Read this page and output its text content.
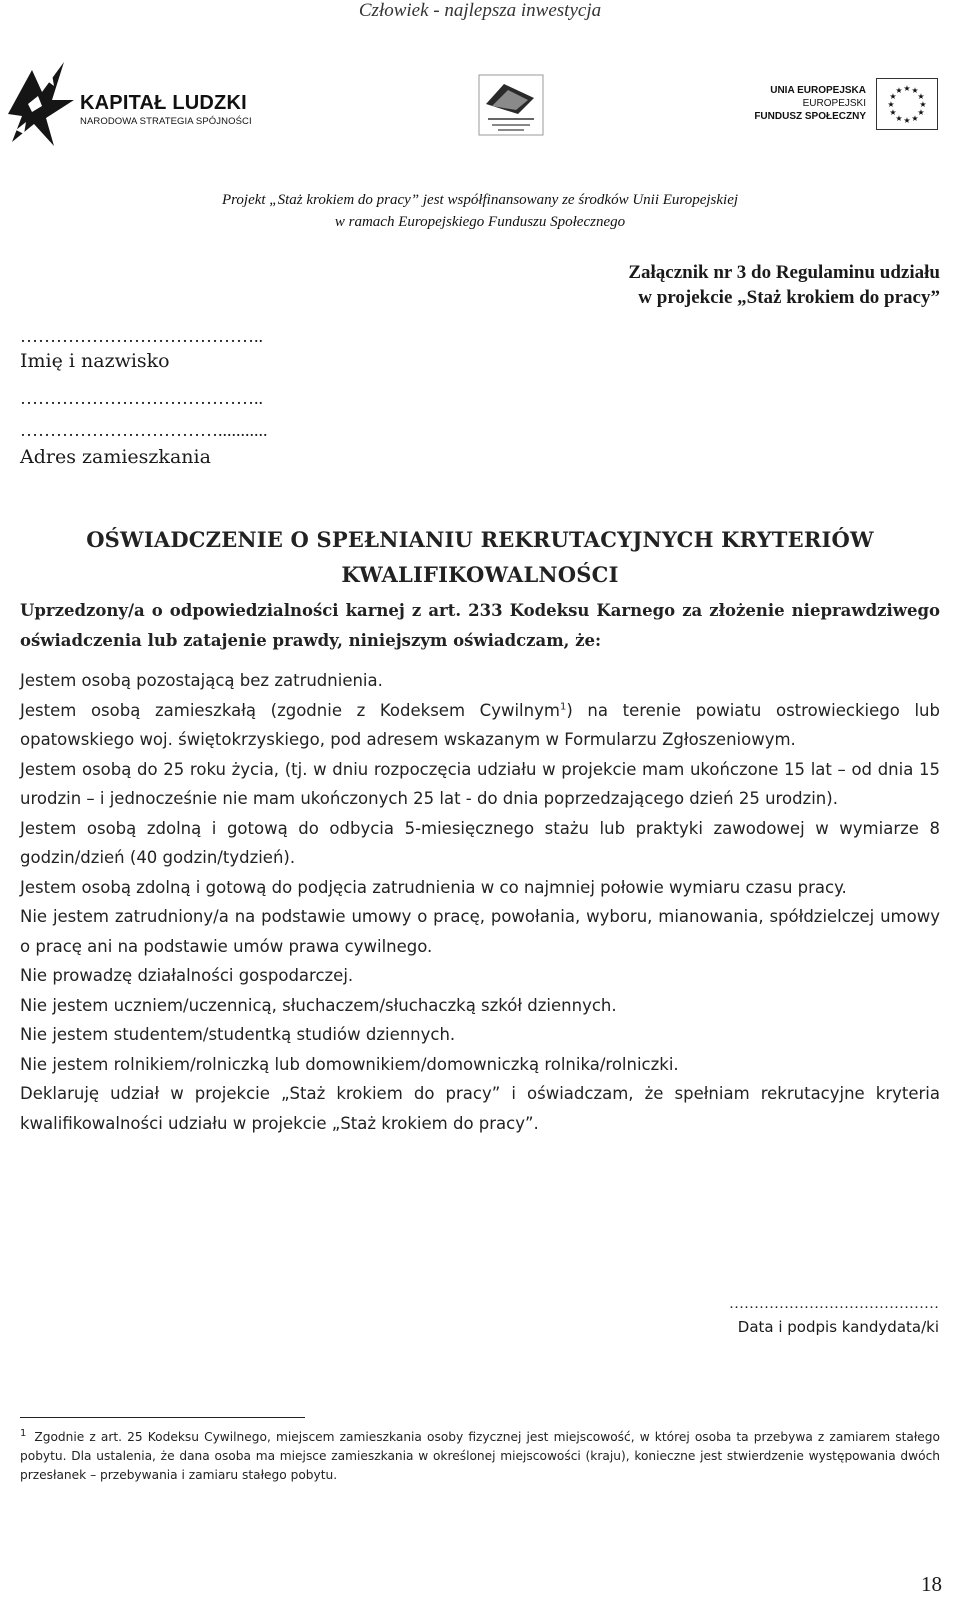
Człowiek - najlepsza inwestycja
KAPITAŁ LUDZKI
NARODOWA STRATEGIA SPÓJNOŚCI
UNIA EUROPEJSKA
EUROPEJSKI
FUNDUSZ SPOŁECZNY
★ ★
★
★
★
★
★
★
★
★
★
★
Projekt „Staż krokiem do pracy” jest współfinansowany ze środków Unii Europejskiej
w ramach Europejskiego Funduszu Społecznego
Załącznik nr 3 do Regulaminu udziału
w projekcie „Staż krokiem do pracy”
…………………………………..
Imię i nazwisko
…………………………………..
……………………………...........
Adres zamieszkania
OŚWIADCZENIE O SPEŁNIANIU REKRUTACYJNYCH KRYTERIÓW
KWALIFIKOWALNOŚCI
Uprzedzony/a o odpowiedzialności karnej z art. 233 Kodeksu Karnego za złożenie nieprawdziwego oświadczenia lub zatajenie prawdy, niniejszym oświadczam, że:

Jestem osobą pozostającą bez zatrudnienia.

Jestem osobą zamieszkałą (zgodnie z Kodeksem Cywilnym$^1$) na terenie powiatu ostrowieckiego lub opatowskiego woj. świętokrzyskiego, pod adresem wskazanym w Formularzu Zgłoszeniowym.

Jestem osobą do 25 roku życia, (tj. w dniu rozpoczęcia udziału w projekcie mam ukończone 15 lat – od dnia 15 urodzin – i jednocześnie nie mam ukończonych 25 lat - do dnia poprzedzającego dzień 25 urodzin).

Jestem osobą zdolną i gotową do odbycia 5-miesięcznego stażu lub praktyki zawodowej w wymiarze 8 godzin/dzień (40 godzin/tydzień).

Jestem osobą zdolną i gotową do podjęcia zatrudnienia w co najmniej połowie wymiaru czasu pracy.

Nie jestem zatrudniony/a na podstawie umowy o pracę, powołania, wyboru, mianowania, spółdzielczej umowy o pracę ani na podstawie umów prawa cywilnego.

Nie prowadzę działalności gospodarczej.

Nie jestem uczniem/uczennicą, słuchaczem/słuchaczką szkół dziennych.

Nie jestem studentem/studentką studiów dziennych.

Nie jestem rolnikiem/rolniczką lub domownikiem/domowniczką rolnika/rolniczki.

Deklaruję udział w projekcie „Staż krokiem do pracy” i oświadczam, że spełniam rekrutacyjne kryteria kwalifikowalności udziału w projekcie „Staż krokiem do pracy”.

……………………………………
Data i podpis kandydata/ki
$^1$ Zgodnie z art. 25 Kodeksu Cywilnego, miejscem zamieszkania osoby fizycznej jest miejscowość, w której osoba ta przebywa z zamiarem stałego pobytu. Dla ustalenia, że dana osoba ma miejsce zamieszkania w określonej miejscowości (kraju), konieczne jest stwierdzenie występowania dwóch przesłanek – przebywania i zamiaru stałego pobytu.
18
